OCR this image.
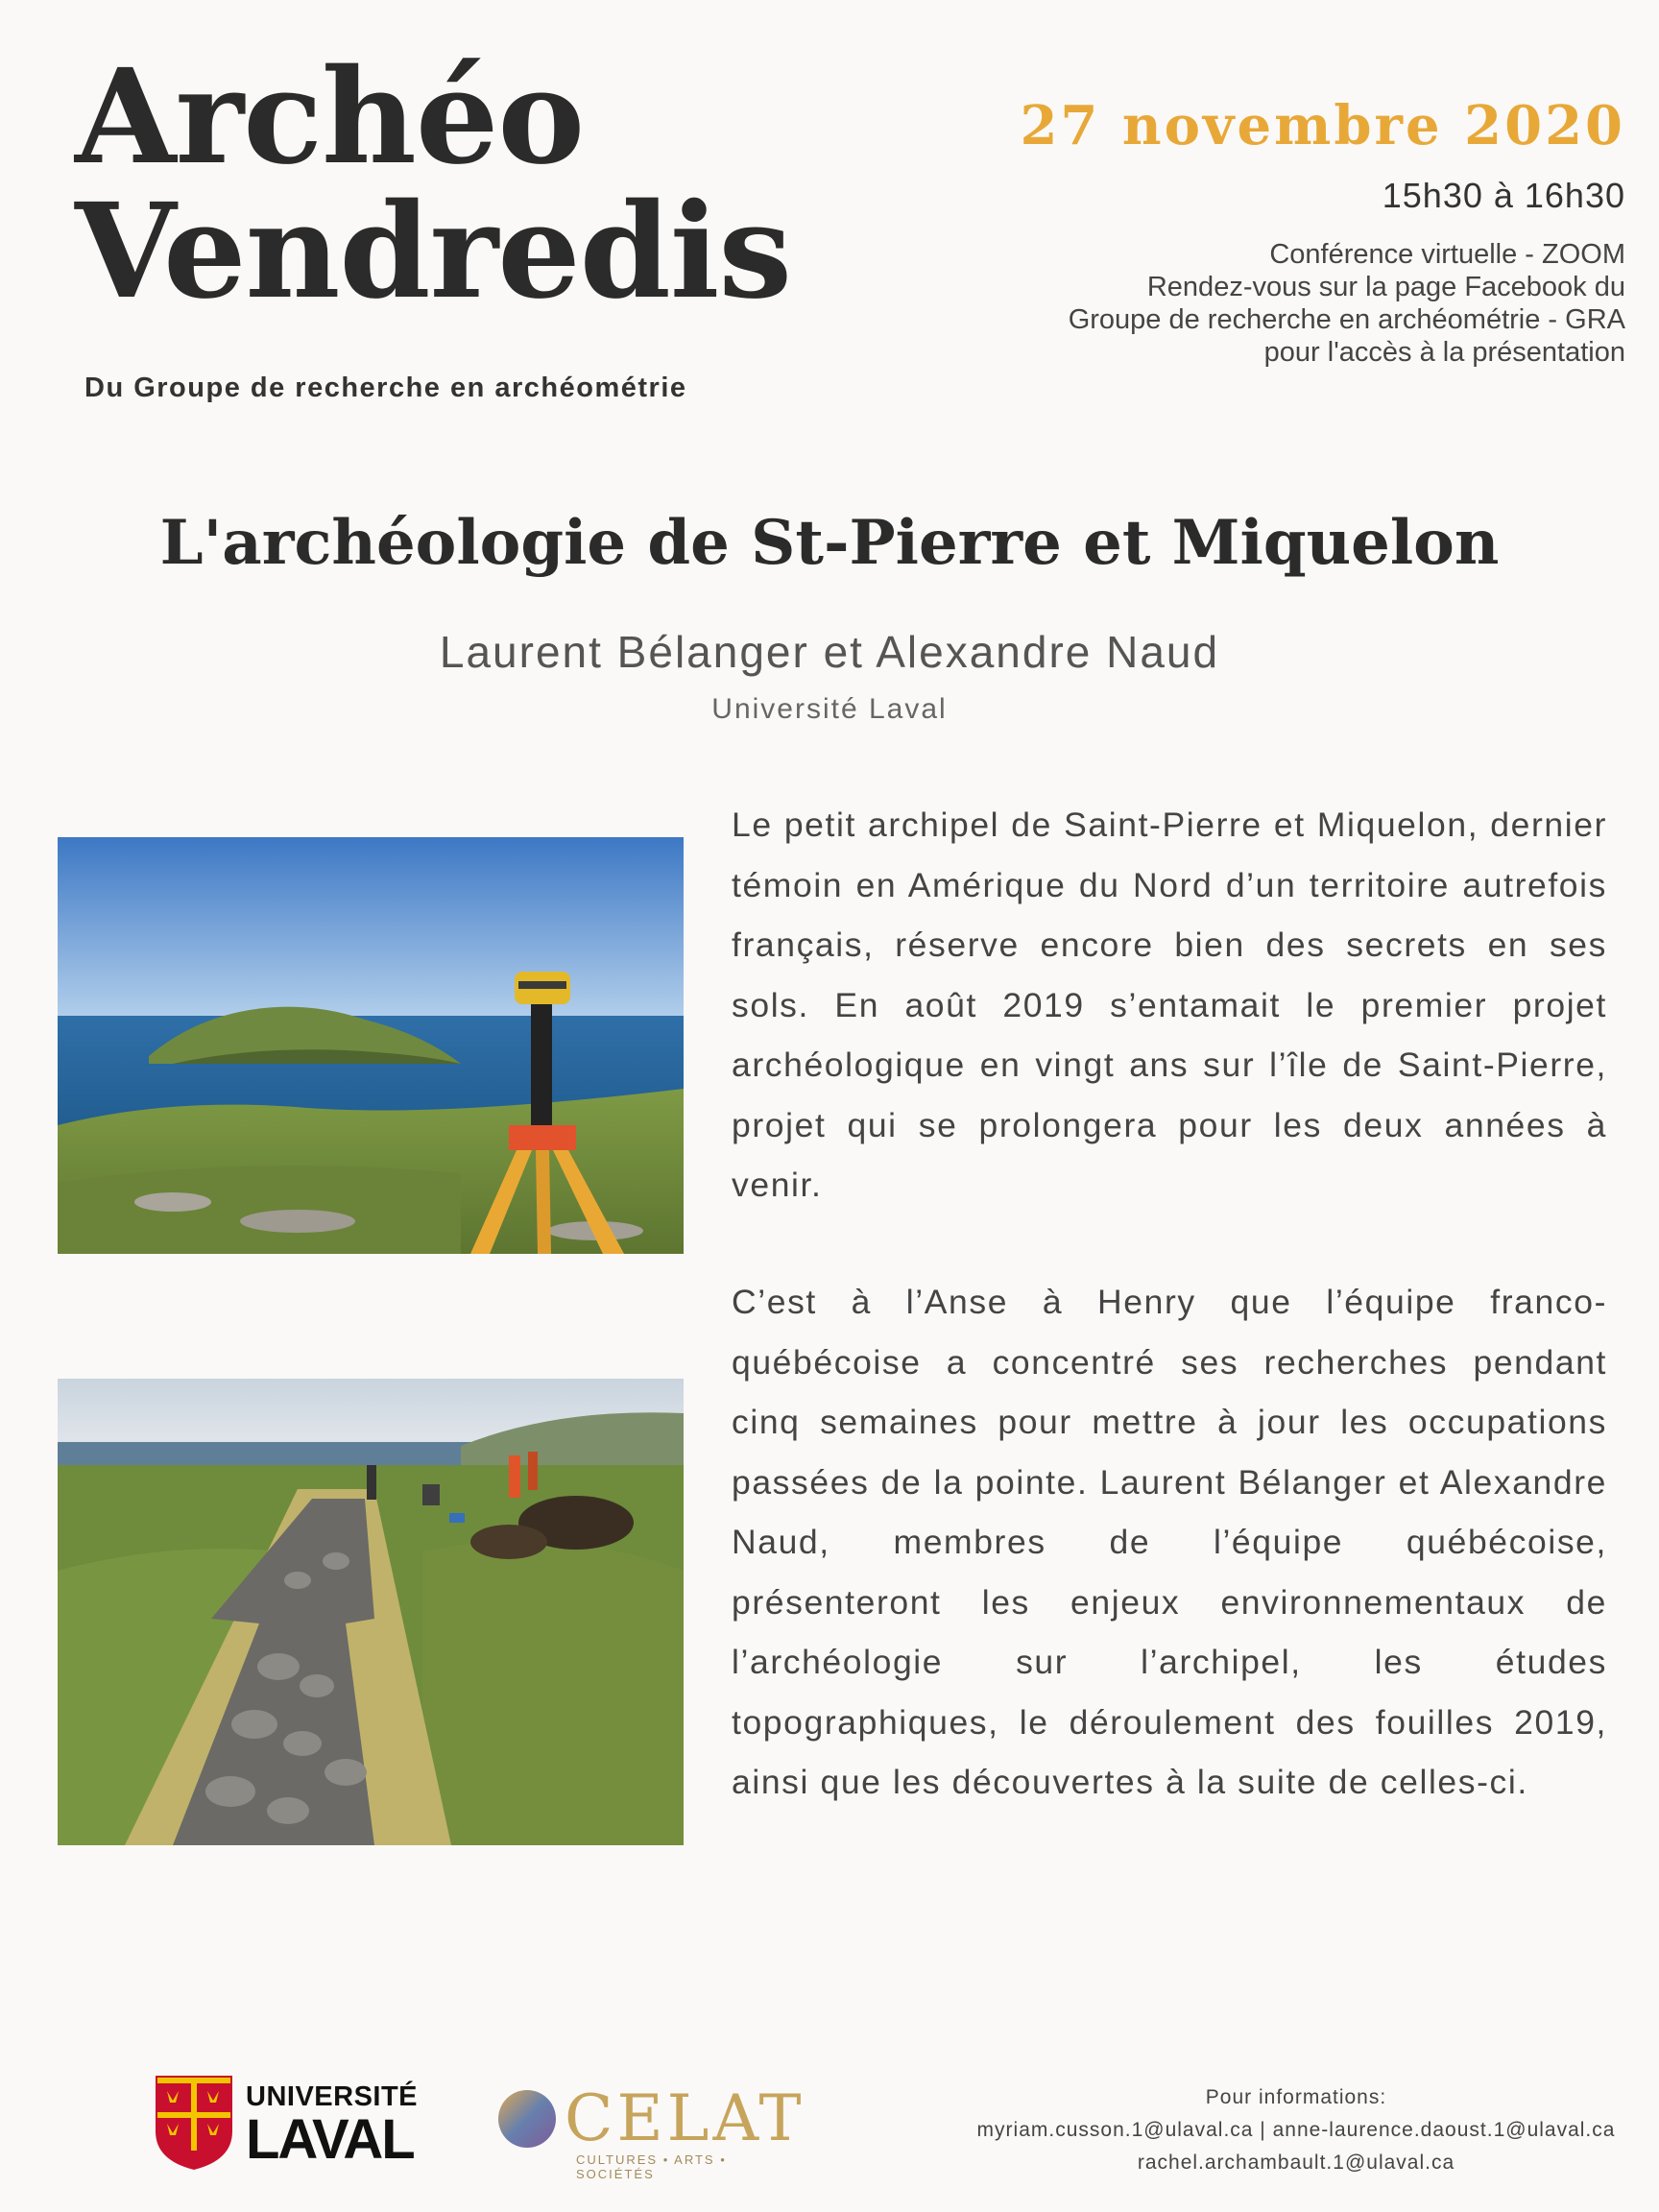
Archéo
Vendredis
Du Groupe de recherche en archéométrie
27 novembre 2020
15h30 à 16h30
Conférence virtuelle - ZOOM
Rendez-vous sur la page Facebook du
Groupe de recherche en archéométrie - GRA
pour l'accès à la présentation
L'archéologie de St-Pierre et Miquelon
Laurent Bélanger et Alexandre Naud
Université Laval
Le petit archipel de Saint-Pierre et Miquelon, dernier témoin en Amérique du Nord d’un territoire autrefois français, réserve encore bien des secrets en ses sols. En août 2019 s’entamait le premier projet archéologique en vingt ans sur l’île de Saint-Pierre, projet qui se prolongera pour les deux années à venir.
C’est à l’Anse à Henry que l’équipe franco-québécoise a concentré ses recherches pendant cinq semaines pour mettre à jour les occupations passées de la pointe. Laurent Bélanger et Alexandre Naud, membres de l’équipe québécoise, présenteront les enjeux environnementaux de l’archéologie sur l’archipel, les études topographiques, le déroulement des fouilles 2019, ainsi que les découvertes à la suite de celles-ci.
UNIVERSITÉ
LAVAL CELAT
CULTURES • ARTS • SOCIÉTÉS
Pour informations:
myriam.cusson.1@ulaval.ca | anne-laurence.daoust.1@ulaval.ca
rachel.archambault.1@ulaval.ca
